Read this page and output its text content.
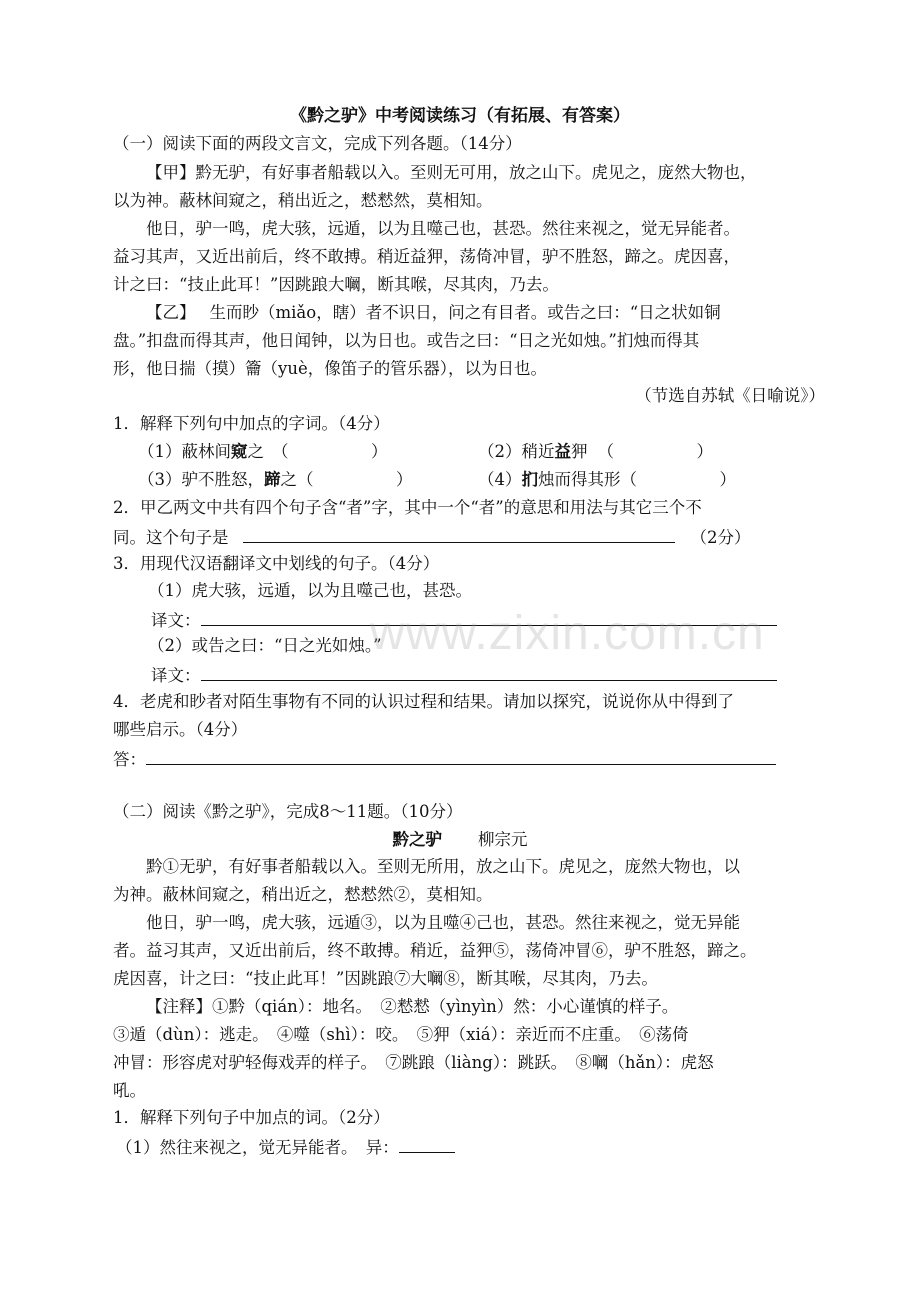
《黔之驴》中考阅读练习（有拓展、有答案）
（一）阅读下面的两段文言文，完成下列各题。（14分）
【甲】黔无驴，有好事者船载以入。至则无可用，放之山下。虎见之，庞然大物也，
以为神。蔽林间窥之，稍出近之，慭慭然，莫相知。
他日，驴一鸣，虎大骇，远遁，以为且噬己也，甚恐。然往来视之，觉无异能者。
益习其声，又近出前后，终不敢搏。稍近益狎，荡倚冲冒，驴不胜怒，蹄之。虎因喜，
计之曰：“技止此耳！”因跳踉大㘎，断其喉，尽其肉，乃去。
【乙】 生而眇（miǎo，瞎）者不识日，问之有目者。或告之曰：“日之状如铜
盘。”扣盘而得其声，他日闻钟，以为日也。或告之曰：“日之光如烛。”扪烛而得其
形，他日揣（摸）籥（yuè，像笛子的管乐器），以为日也。
（节选自苏轼《日喻说》）
1．解释下列句中加点的字词。（4分）
（1）蔽林间窥之 （　　　　　）	（2）稍近益狎 （　　　　　）
（3）驴不胜怒，蹄之（　　　　　）	（4）扪烛而得其形（　　　　　）
2．甲乙两文中共有四个句子含“者”字，其中一个“者”的意思和用法与其它三个不
同。这个句子是	（2分）
3．用现代汉语翻译文中划线的句子。（4分）
（1）虎大骇，远遁，以为且噬己也，甚恐。
译文：
（2）或告之曰：“日之光如烛。”
译文：
4．老虎和眇者对陌生事物有不同的认识过程和结果。请加以探究，说说你从中得到了
哪些启示。（4分）
答：
（二）阅读《黔之驴》，完成8～11题。（10分）
黔之驴 柳宗元
黔①无驴，有好事者船载以入。至则无所用，放之山下。虎见之，庞然大物也，以
为神。蔽林间窥之，稍出近之，慭慭然②，莫相知。
他日，驴一鸣，虎大骇，远遁③，以为且噬④己也，甚恐。然往来视之，觉无异能
者。益习其声，又近出前后，终不敢搏。稍近，益狎⑤，荡倚冲冒⑥，驴不胜怒，蹄之。
虎因喜，计之曰：“技止此耳！”因跳踉⑦大㘎⑧，断其喉，尽其肉，乃去。
【注释】①黔（qián）：地名。　②慭慭（yìnyìn）然：小心谨慎的样子。
③遁（dùn）：逃走。　④噬（shì）：咬。　⑤狎（xiá）：亲近而不庄重。　⑥荡倚
冲冒：形容虎对驴轻侮戏弄的样子。　⑦跳踉（liàng）：跳跃。　⑧㘎（hǎn）：虎怒
吼。
1．解释下列句子中加点的词。（2分）
（1）然往来视之，觉无异能者。　异：
www.zixin.com.cn
